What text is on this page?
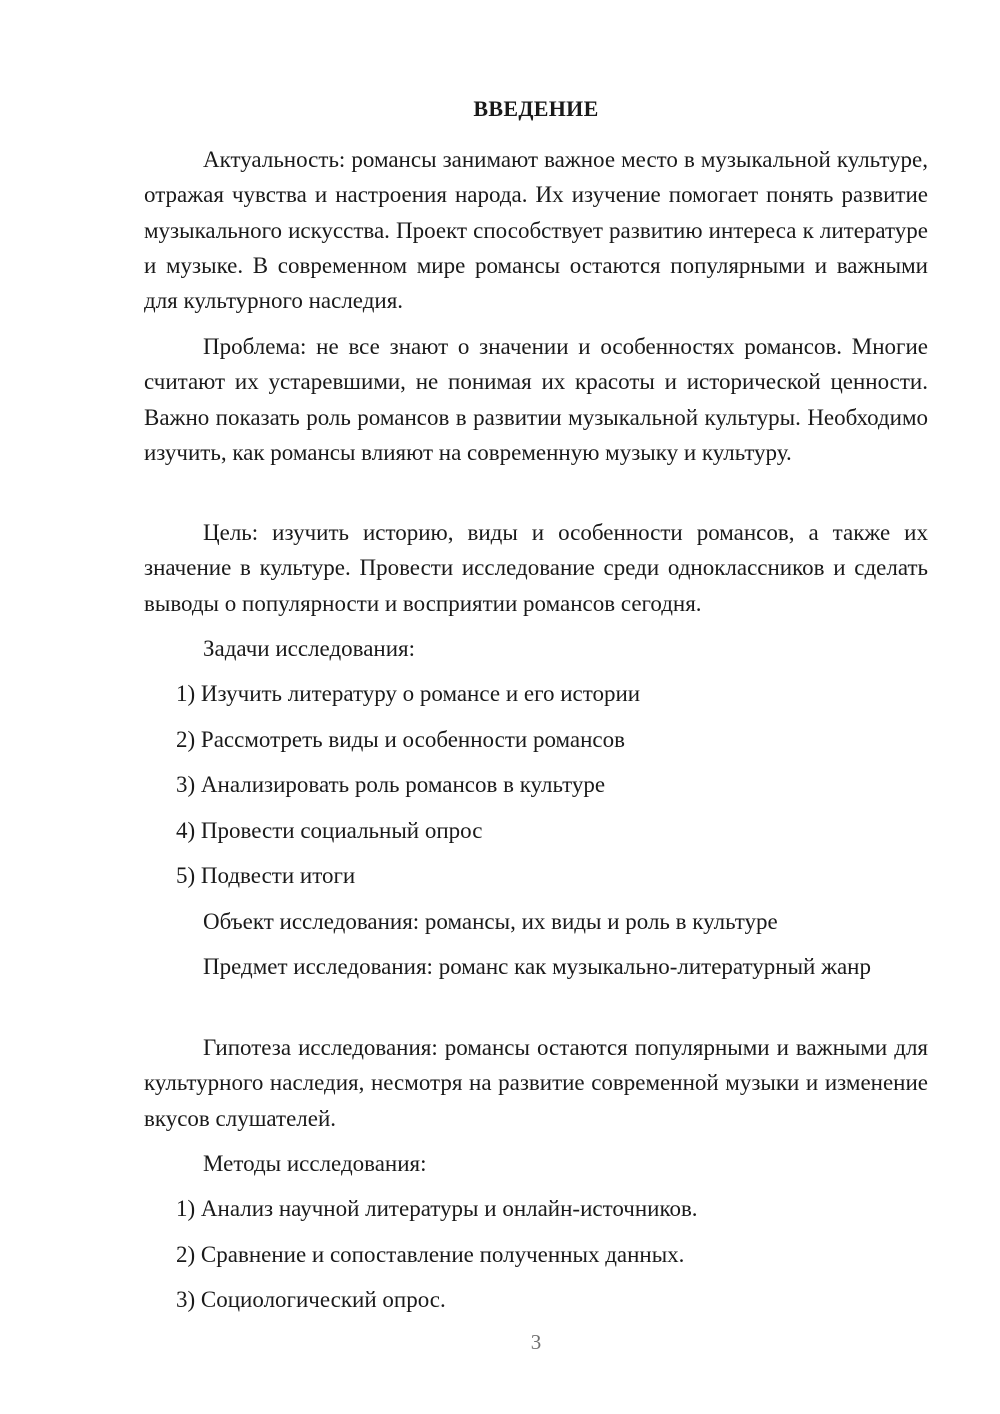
ВВЕДЕНИЕ

Актуальность: романсы занимают важное место в музыкальной культуре, отражая чувства и настроения народа. Их изучение помогает понять развитие музыкального искусства. Проект способствует развитию интереса к литературе и музыке. В современном мире романсы остаются популярными и важными для культурного наследия.

Проблема: не все знают о значении и особенностях романсов. Многие считают их устаревшими, не понимая их красоты и исторической ценности. Важно показать роль романсов в развитии музыкальной культуры. Необходимо изучить, как романсы влияют на современную музыку и культуру.

Цель: изучить историю, виды и особенности романсов, а также их значение в культуре. Провести исследование среди одноклассников и сделать выводы о популярности и восприятии романсов сегодня.

Задачи исследования:

1) Изучить литературу о романсе и его истории

2) Рассмотреть виды и особенности романсов

3) Анализировать роль романсов в культуре

4) Провести социальный опрос

5) Подвести итоги

Объект исследования: романсы, их виды и роль в культуре

Предмет исследования: романс как музыкально-литературный жанр

Гипотеза исследования: романсы остаются популярными и важными для культурного наследия, несмотря на развитие современной музыки и изменение вкусов слушателей.

Методы исследования:

1) Анализ научной литературы и онлайн-источников.

2) Сравнение и сопоставление полученных данных.

3) Социологический опрос.

3
